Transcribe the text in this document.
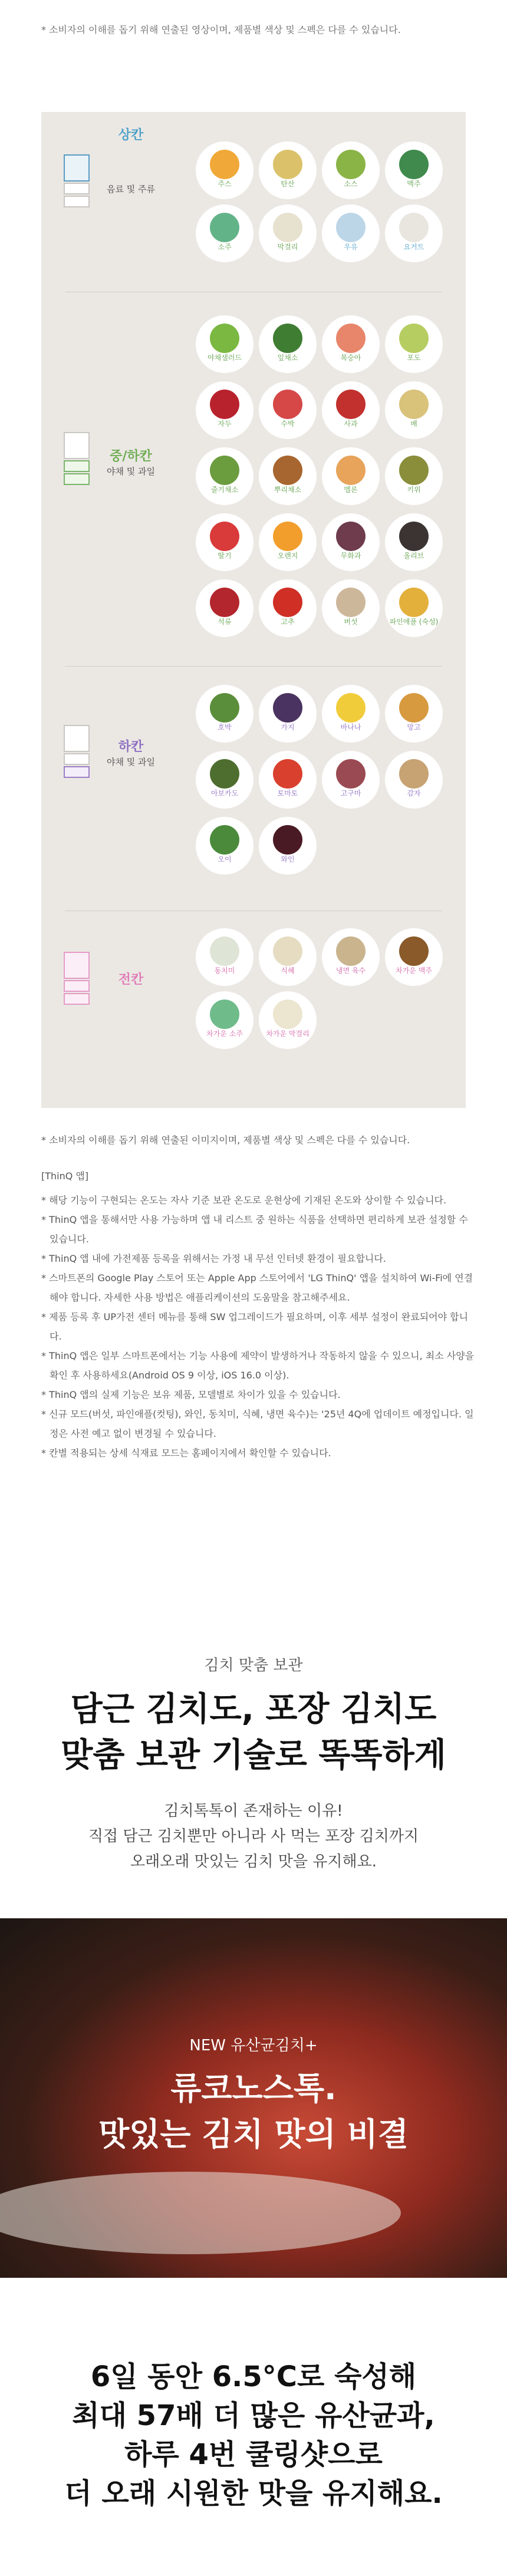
* 소비자의 이해를 돕기 위해 연출된 영상이며, 제품별 색상 및 스펙은 다를 수 있습니다.
상칸
음료 및 주류	주스	탄산	소스	맥주
소주	막걸리	우유	요거트
중/하칸
야채 및 과일
야채샐러드	잎채소	복숭아	포도
자두	수박	사과	배
줄기채소	뿌리채소	멜론	키위
딸기	오렌지	무화과	올리브
석류	고추	버섯	파인애플 (숙성)
하칸
야채 및 과일
호박	가지	바나나	망고
아보카도	토마토	고구마	감자
오이	와인
전칸
동치미	식혜	냉면 육수	차가운 맥주
차가운 소주	차가운 막걸리
* 소비자의 이해를 돕기 위해 연출된 이미지이며, 제품별 색상 및 스펙은 다를 수 있습니다.
[ThinQ 앱]
* 해당 기능이 구현되는 온도는 자사 기준 보관 온도로 운현상에 기재된 온도와 상이할 수 있습니다.
* ThinQ 앱을 통해서만 사용 가능하며 앱 내 리스트 중 원하는 식품을 선택하면 편리하게 보관 설정할 수 있습니다.
* ThinQ 앱 내에 가전제품 등록을 위해서는 가정 내 무선 인터넷 환경이 필요합니다.
* 스마트폰의 Google Play 스토어 또는 Apple App 스토어에서 'LG ThinQ' 앱을 설치하여 Wi-Fi에 연결해야 합니다. 자세한 사용 방법은 애플리케이션의 도움말을 참고해주세요.
* 제품 등록 후 UP가전 센터 메뉴를 통해 SW 업그레이드가 필요하며, 이후 세부 설정이 완료되어야 합니다.
* ThinQ 앱은 일부 스마트폰에서는 기능 사용에 제약이 발생하거나 작동하지 않을 수 있으니, 최소 사양을 확인 후 사용하세요(Android OS 9 이상, iOS 16.0 이상).
* ThinQ 앱의 실제 기능은 보유 제품, 모델별로 차이가 있을 수 있습니다.
* 신규 모드(버섯, 파인애플(컷팅), 와인, 동치미, 식혜, 냉면 육수)는 '25년 4Q에 업데이트 예정입니다. 일정은 사전 예고 없이 변경될 수 있습니다.
* 칸별 적용되는 상세 식재료 모드는 홈페이지에서 확인할 수 있습니다.
김치 맞춤 보관
담근 김치도, 포장 김치도
맞춤 보관 기술로 똑똑하게
김치톡톡이 존재하는 이유!
직접 담근 김치뿐만 아니라 사 먹는 포장 김치까지
오래오래 맛있는 김치 맛을 유지해요.
NEW 유산균김치+
류코노스톡.
맛있는 김치 맛의 비결
6일 동안 6.5°C로 숙성해
최대 57배 더 많은 유산균과,
하루 4번 쿨링샷으로
더 오래 시원한 맛을 유지해요.
